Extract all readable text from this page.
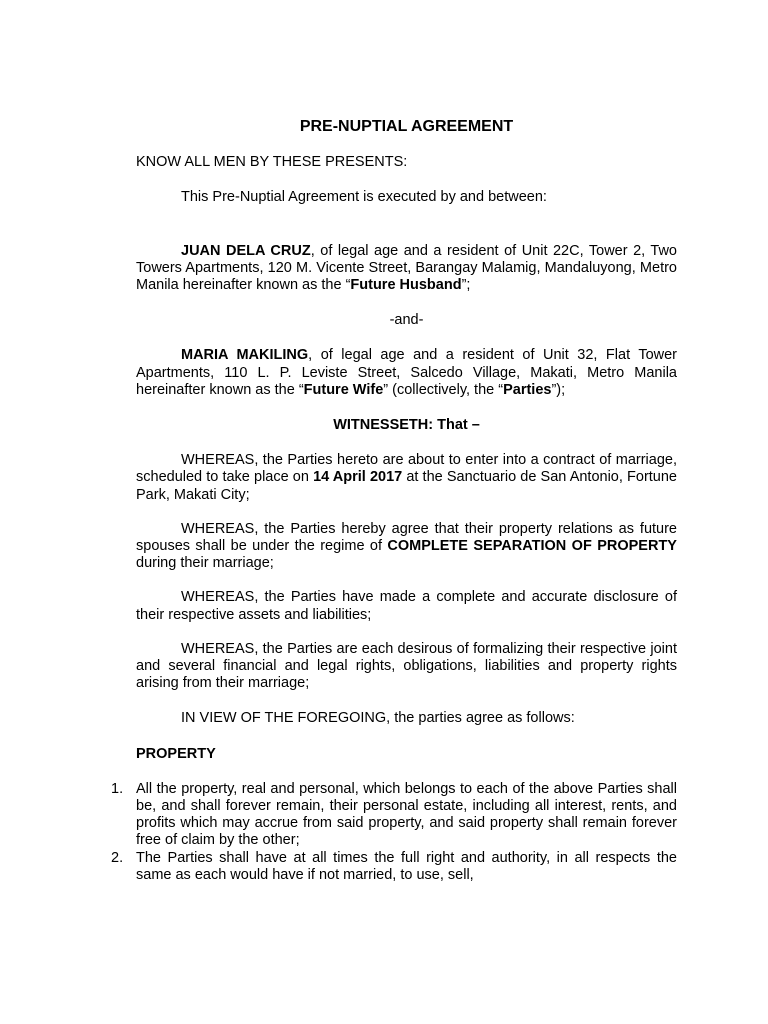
PRE-NUPTIAL AGREEMENT

KNOW ALL MEN BY THESE PRESENTS:

This Pre-Nuptial Agreement is executed by and between:

JUAN DELA CRUZ, of legal age and a resident of Unit 22C, Tower 2, Two Towers Apartments, 120 M. Vicente Street, Barangay Malamig, Mandaluyong, Metro Manila hereinafter known as the “Future Husband”;

-and-

MARIA MAKILING, of legal age and a resident of Unit 32, Flat Tower Apartments, 110 L. P. Leviste Street, Salcedo Village, Makati, Metro Manila hereinafter known as the “Future Wife” (collectively, the “Parties”);

WITNESSETH: That –

WHEREAS, the Parties hereto are about to enter into a contract of marriage, scheduled to take place on 14 April 2017 at the Sanctuario de San Antonio, Fortune Park, Makati City;

WHEREAS, the Parties hereby agree that their property relations as future spouses shall be under the regime of COMPLETE SEPARATION OF PROPERTY during their marriage;

WHEREAS, the Parties have made a complete and accurate disclosure of their respective assets and liabilities;

WHEREAS, the Parties are each desirous of formalizing their respective joint and several financial and legal rights, obligations, liabilities and property rights arising from their marriage;

IN VIEW OF THE FOREGOING, the parties agree as follows:

PROPERTY

1. All the property, real and personal, which belongs to each of the above Parties shall be, and shall forever remain, their personal estate, including all interest, rents, and profits which may accrue from said property, and said property shall remain forever free of claim by the other;
2. The Parties shall have at all times the full right and authority, in all respects the same as each would have if not married, to use, sell,
